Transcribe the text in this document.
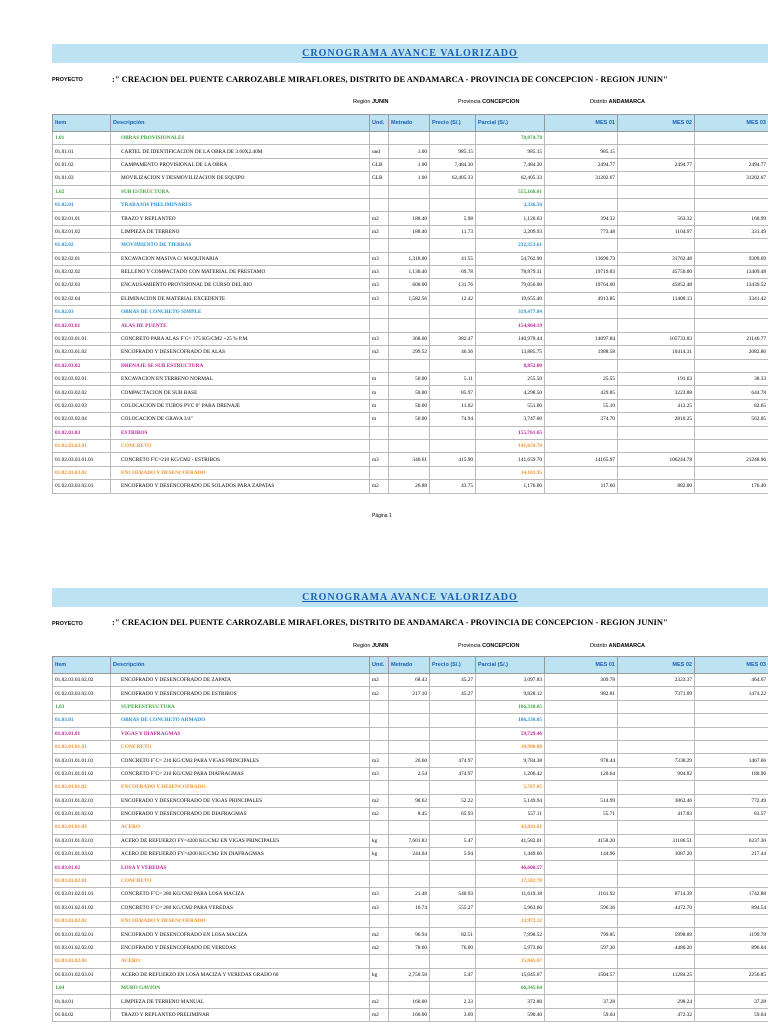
CRONOGRAMA AVANCE VALORIZADO
PROYECTO	:" CREACION DEL PUENTE CARROZABLE MIRAFLORES, DISTRITO DE ANDAMARCA - PROVINCIA DE CONCEPCION - REGION JUNIN"
Región JUNIN	Provincia CONCEPCION	Distrito ANDAMARCA
Item	Descripción	Und.	Metrado	Precio (S/.)	Parcial (S/.)	MES 01	MES 02	MES 03
1.01	OBRAS PROVISIONALES				70,874.78			
01.01.01	CARTEL DE IDENTIFICACION DE LA OBRA DE 3.60X2.40M	und	1.00	985.15	985.15	985.15		
01.01.02	CAMPAMENTO PROVISIONAL DE LA OBRA	GLB	1.00	7,484.30	7,484.30	2494.77	2494.77	2494.77
01.01.03	MOVILIZACION Y DESMOVILIZACION DE EQUIPO	GLB	1.00	62,405.33	62,405.33	31202.67		31202.67
1.02	SUB ESTRUCTURA				555,168.01			
01.02.01	TRABAJOS PRELIMINARES				3,336.56			
01.02.01.01	TRAZO Y REPLANTEO	m2	188.40	5.98	1,126.63	394.32	563.32	168.99
01.02.01.02	LIMPIEZA DE TERRENO	m2	188.40	11.73	2,209.93	773.48	1104.97	331.49
01.02.02	MOVIMIENTO DE TIERRAS				232,353.61			
01.02.02.01	EXCAVACION MASIVA C/ MAQUINARIA	m3	1,318.00	41.55	54,762.90	13690.73	31762.48	9309.69
01.02.02.02	RELLENO Y COMPACTADO CON MATERIAL DE PRESTAMO	m3	1,130.40	69.78	78,879.31	19719.83	45750.00	13409.48
01.02.02.03	ENCAUSAMIENTO PROVISIONAL DE CURSO DEL RIO	m3	600.00	131.76	79,056.00	19764.00	45852.48	13439.52
01.02.02.04	ELIMINACION DE MATERIAL EXCEDENTE	m3	1,582.56	12.42	19,655.40	4913.85	11400.13	3341.42
01.02.03	OBRAS DE CONCRETO SIMPLE				319,477.84			
01.02.03.01	ALAS DE PUENTE				154,864.19			
01.02.03.01.01	CONCRETO PARA ALAS F´C= 175 KG/CM2 +25 % P.M.	m3	368.60	382.47	140,978.44	14097.84	105733.83	21146.77
01.02.03.01.02	ENCOFRADO Y DESENCOFRADO DE ALAS	m2	299.52	46.36	13,885.75	1388.58	10414.31	2082.86
01.02.03.02	DRENAJE SE SUB ESTRUCTURA				8,852.00			
01.02.03.02.01	EXCAVACION EN TERRENO NORMAL	m	50.00	5.11	255.50	25.55	191.63	38.33
01.02.03.02.02	COMPACTACION DE SUB BASE	m	50.00	85.97	4,298.50	429.85	3223.88	644.78
01.02.03.02.03	COLOCACION DE TUBOS PVC 6" PARA DRENAJE	m	50.00	11.02	551.00	55.10	413.25	82.65
01.02.03.02.04	COLOCACION DE GRAVA 3/4"	m	50.00	74.94	3,747.00	374.70	2810.25	562.05
01.02.03.03	ESTRIBOS				155,761.65			
01.02.03.03.01	CONCRETO				141,659.70			
01.02.03.03.01.01	CONCRETO F'C=210 KG/CM2 - ESTRIBOS	m3	340.61	415.90	141,659.70	14165.97	106244.78	21248.96
01.02.03.03.02	ENCOFRADO Y DESENCOFRADO				14,101.95			
01.02.03.03.02.01	ENCOFRADO Y DESENCOFRADO DE SOLADOS PARA ZAPATAS	m2	26.88	43.75	1,176.00	117.60	882.00	176.40
Página 1
CRONOGRAMA AVANCE VALORIZADO
PROYECTO	:" CREACION DEL PUENTE CARROZABLE MIRAFLORES, DISTRITO DE ANDAMARCA - PROVINCIA DE CONCEPCION - REGION JUNIN"
Región JUNIN	Provincia CONCEPCION	Distrito ANDAMARCA
Item	Descripción	Und.	Metrado	Precio (S/.)	Parcial (S/.)	MES 01	MES 02	MES 03
01.02.03.03.02.02	ENCOFRADO Y DESENCOFRADO DE ZAPATA	m2	68.43	45.27	3,097.83	309.78	2323.37	464.67
01.02.03.03.02.03	ENCOFRADO Y DESENCOFRADO DE ESTRIBOS	m2	217.10	45.27	9,828.12	982.81	7371.09	1474.22
1.03	SUPERESTRUCTURA				106,330.05			
01.03.01	OBRAS DE CONCRETO ARMADO				106,330.05			
01.03.01.01	VIGAS Y DIAFRAGMAS				59,729.46			
01.03.01.01.01	CONCRETO				10,990.80			
01.03.01.01.01.01	CONCRETO F´C= 210 KG/CM2 PARA VIGAS PRINCIPALES	m3	20.60	474.97	9,784.38	978.44	7338.29	1467.66
01.03.01.01.01.02	CONCRETO F´C= 210 KG/CM2 PARA DIAFRAGMAS	m3	2.54	474.97	1,206.42	120.64	904.82	180.96
01.03.01.01.02	ENCOFRADO Y DESENCOFRADO				5,707.05			
01.03.01.01.02.01	ENCOFRADO Y DESENCOFRADO DE VIGAS PRINCIPALES	m2	98.62	52.22	5,149.94	514.99	3862.46	772.49
01.03.01.01.02.02	ENCOFRADO Y DESENCOFRADO DE DIAFRAGMAS	m2	8.45	65.93	557.11	55.71	417.83	83.57
01.03.01.01.03	ACERO				43,031.61			
01.03.01.01.03.01	ACERO DE REFUERZO FY=4200 KG/CM2 EN VIGAS PRINCIPALES	kg	7,601.83	5.47	41,582.01	4158.20	31186.51	6237.30
01.03.01.01.03.02	ACERO DE REFUERZO FY=4200 KG/CM2 EN DIAFRAGMAS	kg	244.04	5.94	1,449.60	144.96	1087.20	217.44
01.03.01.02	LOSA Y VEREDAS				46,600.57			
01.03.01.02.01	CONCRETO				17,582.78			
01.03.01.02.01.01	CONCRETO F´C= 280 KG/CM2 PARA LOSA MACIZA	m3	21.48	540.93	11,619.18	1161.92	8714.39	1742.88
01.03.01.02.01.02	CONCRETO F´C= 280 KG/CM2 PARA VEREDAS	m3	10.74	555.27	5,963.60	596.36	4472.70	894.54
01.03.01.02.02	ENCOFRADO Y DESENCOFRADO				13,972.12			
01.03.01.02.02.01	ENCOFRADO Y DESENCOFRADO EN LOSA MACIZA	m2	96.94	82.51	7,998.52	799.85	5998.89	1199.78
01.03.01.02.02.02	ENCOFRADO Y DESENCOFRADO DE VEREDAS	m2	78.60	76.00	5,973.60	597.36	4480.20	896.04
01.03.01.02.03	ACERO				15,045.67			
01.03.01.02.03.01	ACERO DE REFUERZO EN LOSA MACIZA Y VEREDAS GRADO 60	kg	2,750.58	5.47	15,045.67	1504.57	11284.25	2256.85
1.04	MURO GAVION				66,345.64			
01.04.01	LIMPIEZA DE TERRENO MANUAL	m2	160.00	2.33	372.80	37.28	298.24	37.28
01.04.02	TRAZO Y REPLANTEO PRELIMINAR	m2	160.00	3.69	590.40	59.04	472.32	59.04
